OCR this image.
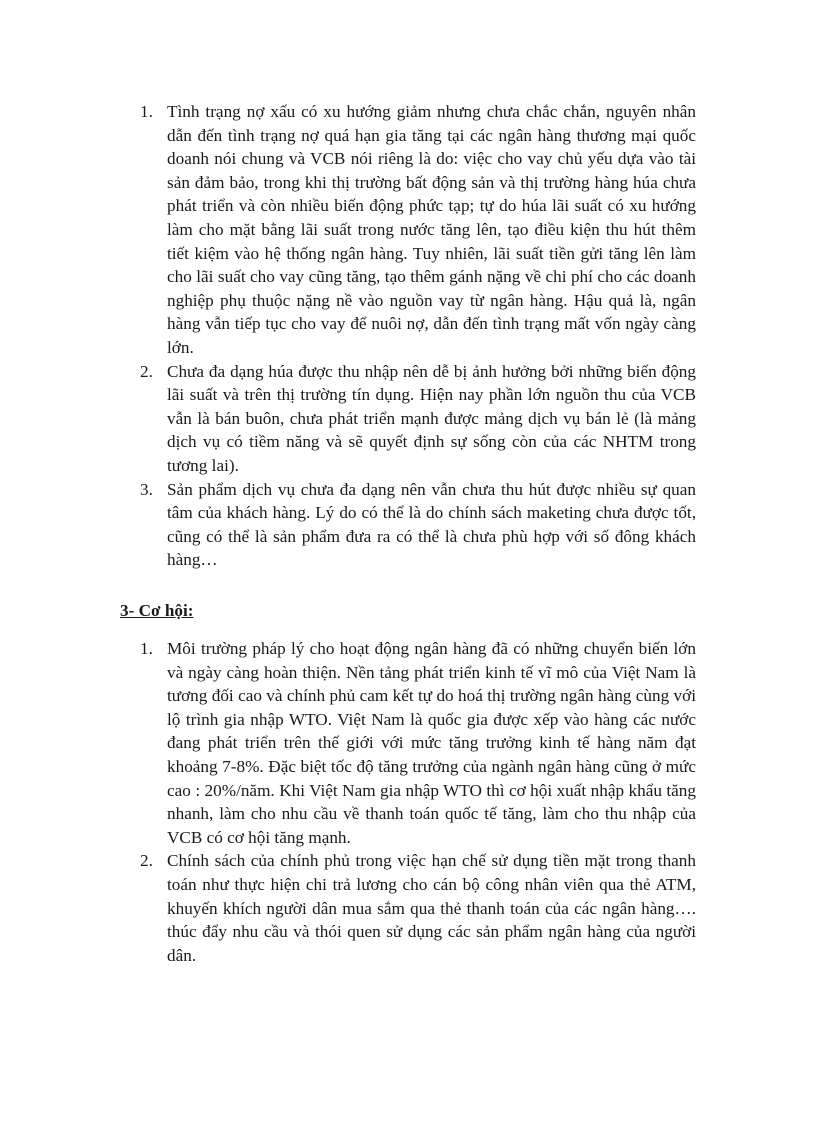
1. Tình trạng nợ xấu có xu hướng giảm nhưng chưa chắc chắn, nguyên nhân dẫn đến tình trạng nợ quá hạn gia tăng tại các ngân hàng thương mại quốc doanh nói chung và VCB nói riêng là do: việc cho vay chủ yếu dựa vào tài sản đảm bảo, trong khi thị trường bất động sản và thị trường hàng húa chưa phát triển và còn nhiều biến động phức tạp; tự do húa lãi suất có xu hướng làm cho mặt bằng lãi suất trong nước tăng lên, tạo điều kiện thu hút thêm tiết kiệm vào hệ thống ngân hàng. Tuy nhiên, lãi suất tiền gửi tăng lên làm cho lãi suất cho vay cũng tăng, tạo thêm gánh nặng về chi phí cho các doanh nghiệp phụ thuộc nặng nề vào nguồn vay từ ngân hàng. Hậu quả là, ngân hàng vẫn tiếp tục cho vay để nuôi nợ, dẫn đến tình trạng mất vốn ngày càng lớn.
2. Chưa đa dạng húa được thu nhập nên dễ bị ảnh hưởng bởi những biến động lãi suất và trên thị trường tín dụng. Hiện nay phần lớn nguồn thu của VCB vẫn là bán buôn, chưa phát triển mạnh được mảng dịch vụ bán lẻ (là mảng dịch vụ có tiềm năng và sẽ quyết định sự sống còn của các NHTM trong tương lai).
3. Sản phẩm dịch vụ chưa đa dạng nên vẫn chưa thu hút được nhiều sự quan tâm của khách hàng. Lý do có thể là do chính sách maketing chưa được tốt, cũng có thể là sản phẩm đưa ra có thể là chưa phù hợp với số đông khách hàng…
3- Cơ hội:
1. Môi trường pháp lý cho hoạt động ngân hàng đã có những chuyển biến lớn và ngày càng hoàn thiện. Nền tảng phát triển kinh tế vĩ mô của Việt Nam là tương đối cao và chính phủ cam kết tự do hoá thị trường ngân hàng cùng với lộ trình gia nhập WTO. Việt Nam là quốc gia được xếp vào hàng các nước đang phát triển trên thế giới với mức tăng trưởng kinh tế hàng năm đạt khoảng 7-8%. Đặc biệt tốc độ tăng trưởng của ngành ngân hàng cũng ở mức cao : 20%/năm. Khi Việt Nam gia nhập WTO thì cơ hội xuất nhập khẩu tăng nhanh, làm cho nhu cầu về thanh toán quốc tế tăng, làm cho thu nhập của VCB có cơ hội tăng mạnh.
2. Chính sách của chính phủ trong việc hạn chế sử dụng tiền mặt trong thanh toán như thực hiện chi trả lương cho cán bộ công nhân viên qua thẻ ATM, khuyến khích người dân mua sắm qua thẻ thanh toán của các ngân hàng…. thúc đẩy nhu cầu và thói quen sử dụng các sản phẩm ngân hàng của người dân.
